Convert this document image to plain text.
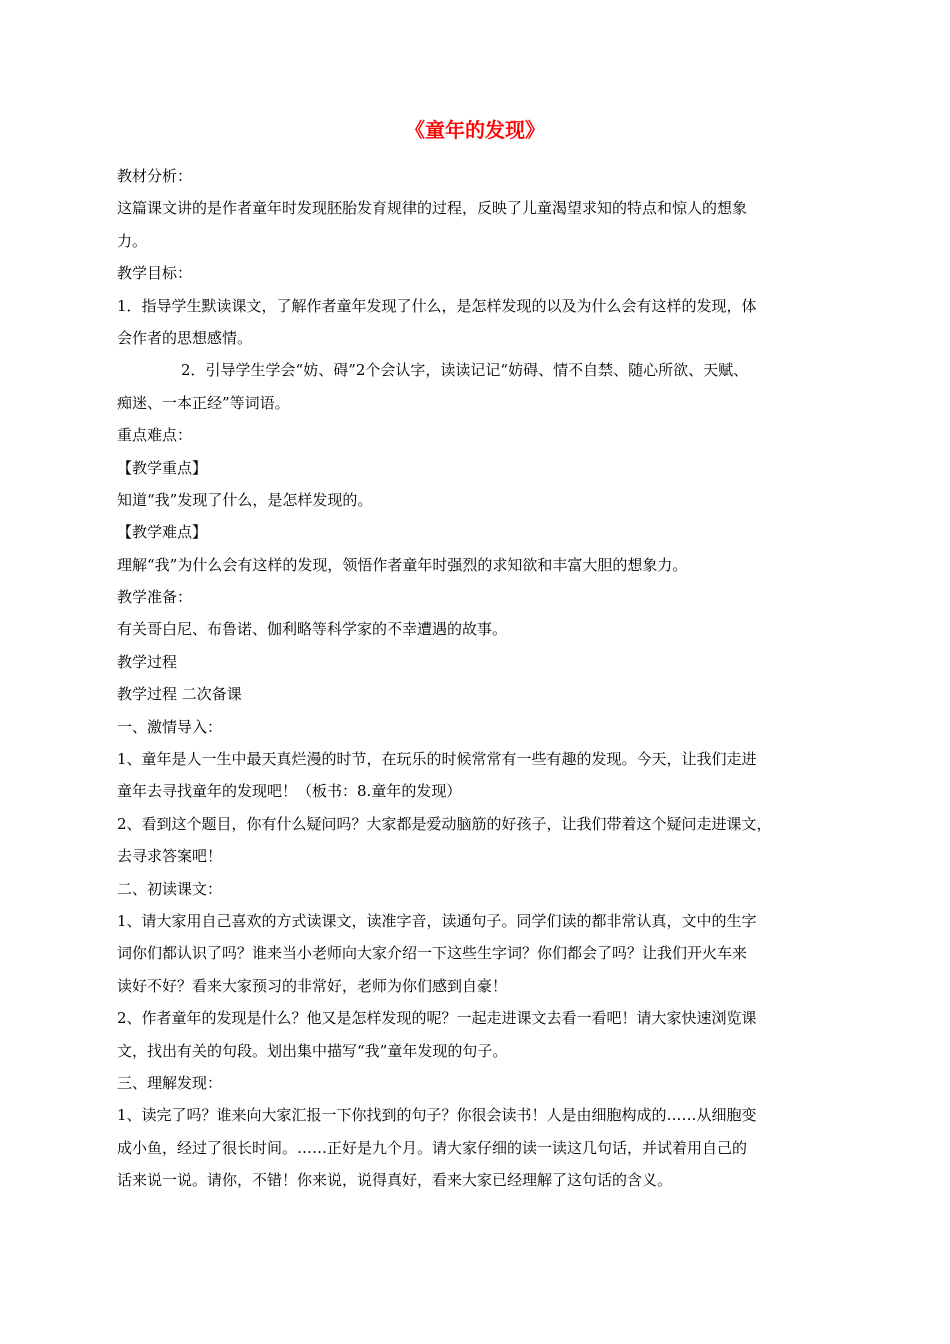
《童年的发现》
教材分析：
这篇课文讲的是作者童年时发现胚胎发育规律的过程，反映了儿童渴望求知的特点和惊人的想象
力。
教学目标：
1．指导学生默读课文，了解作者童年发现了什么，是怎样发现的以及为什么会有这样的发现，体
会作者的思想感情。
2．引导学生学会“妨、碍”2个会认字，读读记记“妨碍、情不自禁、随心所欲、天赋、
痴迷、一本正经”等词语。
重点难点：
【教学重点】
知道“我”发现了什么，是怎样发现的。
【教学难点】
理解“我”为什么会有这样的发现，领悟作者童年时强烈的求知欲和丰富大胆的想象力。
教学准备：
有关哥白尼、布鲁诺、伽利略等科学家的不幸遭遇的故事。
教学过程
教学过程 二次备课
一、激情导入：
1、童年是人一生中最天真烂漫的时节，在玩乐的时候常常有一些有趣的发现。今天，让我们走进
童年去寻找童年的发现吧！（板书：8.童年的发现）
2、看到这个题目，你有什么疑问吗？大家都是爱动脑筋的好孩子，让我们带着这个疑问走进课文，
去寻求答案吧！
二、初读课文：
1、请大家用自己喜欢的方式读课文，读准字音，读通句子。同学们读的都非常认真，文中的生字
词你们都认识了吗？谁来当小老师向大家介绍一下这些生字词？你们都会了吗？让我们开火车来
读好不好？看来大家预习的非常好，老师为你们感到自豪！
2、作者童年的发现是什么？他又是怎样发现的呢？一起走进课文去看一看吧！请大家快速浏览课
文，找出有关的句段。划出集中描写“我”童年发现的句子。
三、理解发现：
1、读完了吗？谁来向大家汇报一下你找到的句子？你很会读书！人是由细胞构成的……从细胞变
成小鱼，经过了很长时间。……正好是九个月。请大家仔细的读一读这几句话，并试着用自己的
话来说一说。请你，不错！你来说，说得真好，看来大家已经理解了这句话的含义。
